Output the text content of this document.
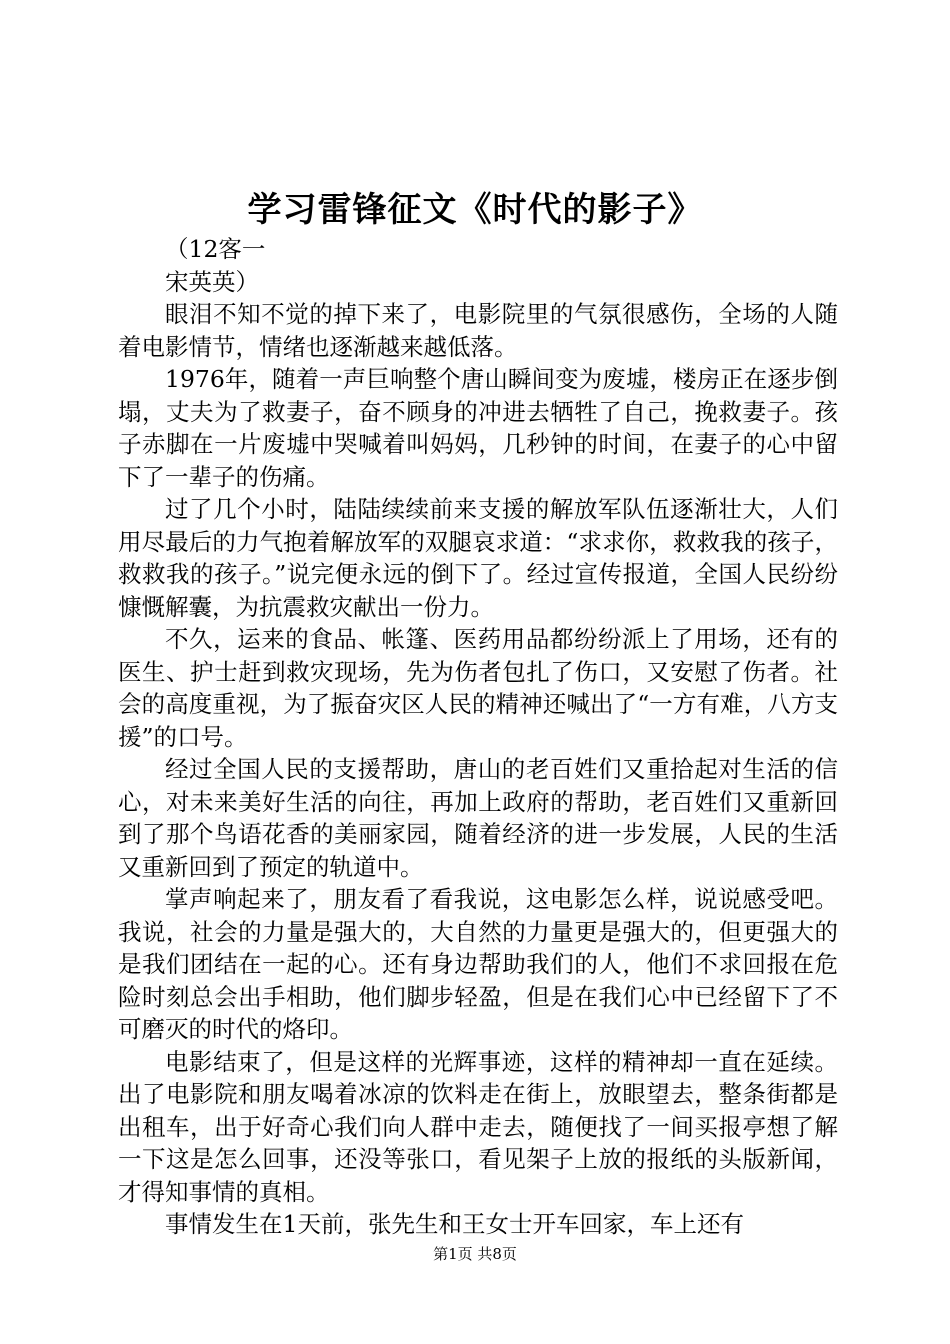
学习雷锋征文《时代的影子》

（12客一

宋英英）

眼泪不知不觉的掉下来了，电影院里的气氛很感伤，全场的人随着电影情节，情绪也逐渐越来越低落。

1976年，随着一声巨响整个唐山瞬间变为废墟，楼房正在逐步倒塌，丈夫为了救妻子，奋不顾身的冲进去牺牲了自己，挽救妻子。孩子赤脚在一片废墟中哭喊着叫妈妈，几秒钟的时间，在妻子的心中留下了一辈子的伤痛。

过了几个小时，陆陆续续前来支援的解放军队伍逐渐壮大，人们用尽最后的力气抱着解放军的双腿哀求道：“求求你，救救我的孩子，救救我的孩子。”说完便永远的倒下了。经过宣传报道，全国人民纷纷慷慨解囊，为抗震救灾献出一份力。

不久，运来的食品、帐篷、医药用品都纷纷派上了用场，还有的医生、护士赶到救灾现场，先为伤者包扎了伤口，又安慰了伤者。社会的高度重视，为了振奋灾区人民的精神还喊出了“一方有难，八方支援”的口号。

经过全国人民的支援帮助，唐山的老百姓们又重拾起对生活的信心，对未来美好生活的向往，再加上政府的帮助，老百姓们又重新回到了那个鸟语花香的美丽家园，随着经济的进一步发展，人民的生活又重新回到了预定的轨道中。

掌声响起来了，朋友看了看我说，这电影怎么样，说说感受吧。我说，社会的力量是强大的，大自然的力量更是强大的，但更强大的是我们团结在一起的心。还有身边帮助我们的人，他们不求回报在危险时刻总会出手相助，他们脚步轻盈，但是在我们心中已经留下了不可磨灭的时代的烙印。

电影结束了，但是这样的光辉事迹，这样的精神却一直在延续。出了电影院和朋友喝着冰凉的饮料走在街上，放眼望去，整条街都是出租车，出于好奇心我们向人群中走去，随便找了一间买报亭想了解一下这是怎么回事，还没等张口，看见架子上放的报纸的头版新闻，才得知事情的真相。

事情发生在1天前，张先生和王女士开车回家，车上还有

第1页 共8页
